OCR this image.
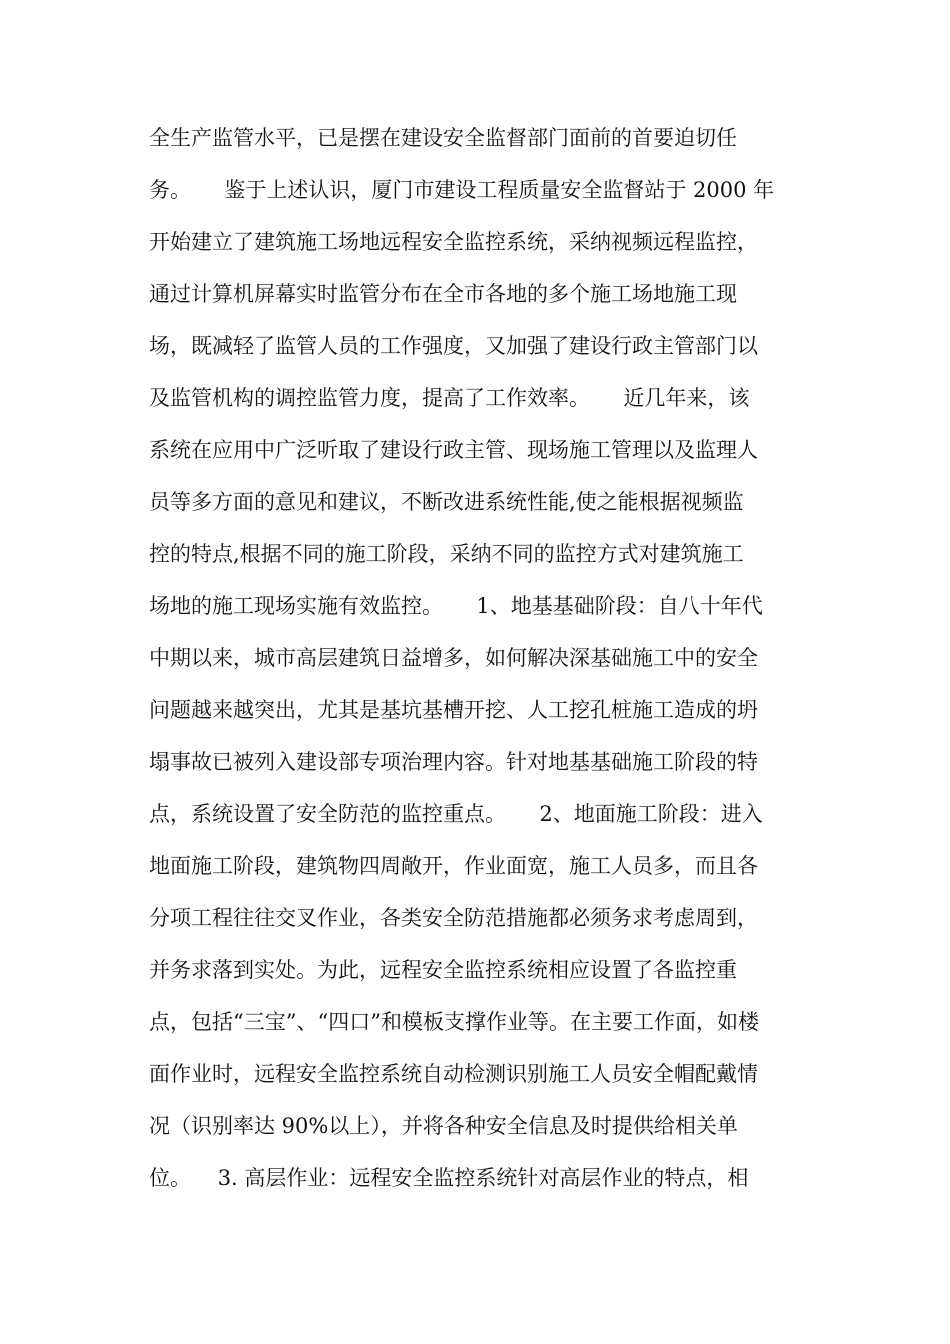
全生产监管水平，已是摆在建设安全监督部门面前的首要迫切任
务。     鉴于上述认识，厦门市建设工程质量安全监督站于 2000 年
开始建立了建筑施工场地远程安全监控系统，采纳视频远程监控，
通过计算机屏幕实时监管分布在全市各地的多个施工场地施工现
场，既减轻了监管人员的工作强度，又加强了建设行政主管部门以
及监管机构的调控监管力度，提高了工作效率。     近几年来，该
系统在应用中广泛听取了建设行政主管、现场施工管理以及监理人
员等多方面的意见和建议，不断改进系统性能,使之能根据视频监
控的特点,根据不同的施工阶段，采纳不同的监控方式对建筑施工
场地的施工现场实施有效监控。     1、地基基础阶段：自八十年代
中期以来，城市高层建筑日益增多，如何解决深基础施工中的安全
问题越来越突出，尤其是基坑基槽开挖、人工挖孔桩施工造成的坍
塌事故已被列入建设部专项治理内容。针对地基基础施工阶段的特
点，系统设置了安全防范的监控重点。     2、地面施工阶段：进入
地面施工阶段，建筑物四周敞开，作业面宽，施工人员多，而且各
分项工程往往交叉作业，各类安全防范措施都必须务求考虑周到，
并务求落到实处。为此，远程安全监控系统相应设置了各监控重
点，包括“三宝”、“四口”和模板支撑作业等。在主要工作面，如楼
面作业时，远程安全监控系统自动检测识别施工人员安全帽配戴情
况（识别率达 90%以上），并将各种安全信息及时提供给相关单
位。    3. 高层作业：远程安全监控系统针对高层作业的特点，相
